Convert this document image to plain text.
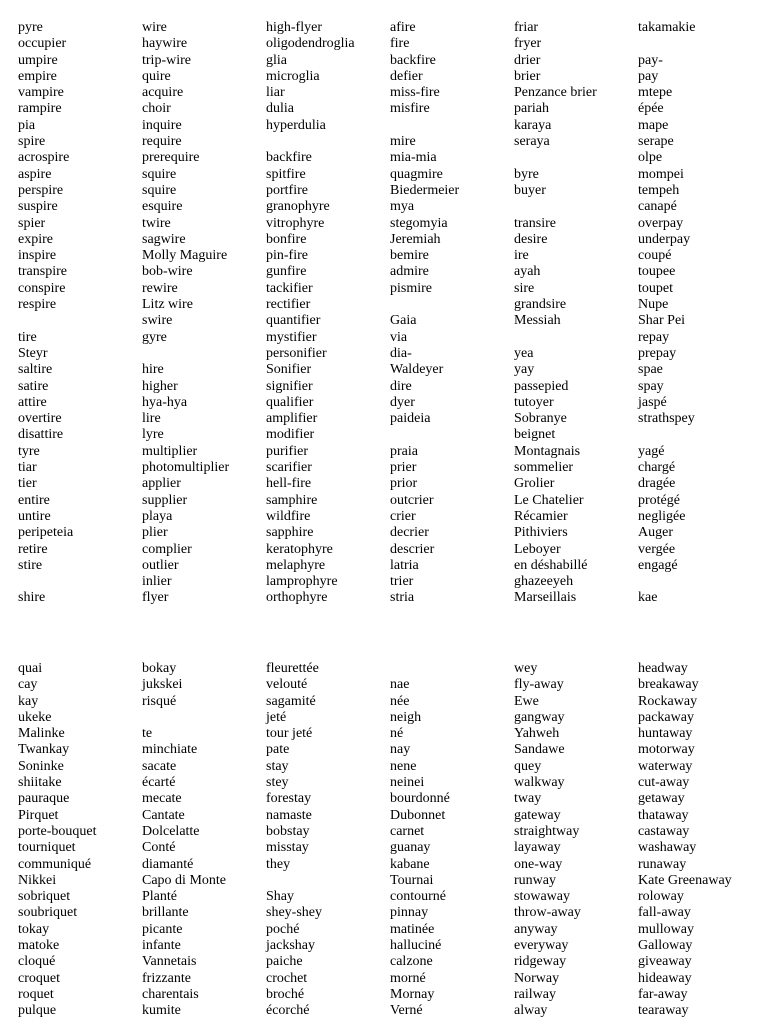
pyre
occupier
umpire
empire
vampire
rampire
pia
spire
acrospire
aspire
perspire
suspire
spier
expire
inspire
transpire
conspire
respire
tire
Steyr
saltire
satire
attire
overtire
disattire
tyre
tiar
tier
entire
untire
peripeteia
retire
stire
shire
wire
haywire
trip-wire
quire
acquire
choir
inquire
require
prerequire
squire
squire
esquire
twire
sagwire
Molly Maguire
bob-wire
rewire
Litz wire
swire
gyre
hire
higher
hya-hya
lire
lyre
multiplier
photomultiplier
applier
supplier
playa
plier
complier
outlier
inlier
flyer
high-flyer
oligodendroglia
glia
microglia
liar
dulia
hyperdulia
backfire
spitfire
portfire
granophyre
vitrophyre
bonfire
pin-fire
gunfire
tackifier
rectifier
quantifier
mystifier
personifier
Sonifier
signifier
qualifier
amplifier
modifier
purifier
scarifier
hell-fire
samphire
wildfire
sapphire
keratophyre
melaphyre
lamprophyre
orthophyre
afire
fire
backfire
defier
miss-fire
misfire
mire
mia-mia
quagmire
Biedermeier
mya
stegomyia
Jeremiah
bemire
admire
pismire
Gaia
via
dia-
Waldeyer
dire
dyer
paideia
praia
prier
prior
outcrier
crier
decrier
descrier
latria
trier
stria
friar
fryer
drier
brier
Penzance brier
pariah
karaya
seraya
byre
buyer
transire
desire
ire
ayah
sire
grandsire
Messiah
yea
yay
passepied
tutoyer
Sobranye
beignet
Montagnais
sommelier
Grolier
Le Chatelier
Récamier
Pithiviers
Leboyer
en déshabillé
ghazeeyeh
Marseillais
takamakie
pay-
pay
mtepe
épée
mape
serape
olpe
mompei
tempeh
canapé
overpay
underpay
coupé
toupee
toupet
Nupe
Shar Pei
repay
prepay
spae
spay
jaspé
strathspey
yagé
chargé
dragée
protégé
negligée
Auger
vergée
engagé
kae
quai
cay
kay
ukeke
Malinke
Twankay
Soninke
shiitake
pauraque
Pirquet
porte-bouquet
tourniquet
communiqué
Nikkei
sobriquet
soubriquet
tokay
matoke
cloqué
croquet
roquet
pulque
bokay
jukskei
risqué
te
minchiate
sacate
écarté
mecate
Cantate
Dolcelatte
Conté
diamanté
Capo di Monte
Planté
brillante
picante
infante
Vannetais
frizzante
charentais
kumite
fleurettée
velouté
sagamité
jeté
tour jeté
pate
stay
stey
forestay
namaste
bobstay
misstay
they
Shay
shey-shey
poché
jackshay
paiche
crochet
broché
écorché
nae
née
neigh
né
nay
nene
neinei
bourdonné
Dubonnet
carnet
guanay
kabane
Tournai
contourné
pinnay
matinée
halluciné
calzone
morné
Mornay
Verné
wey
fly-away
Ewe
gangway
Yahweh
Sandawe
quey
walkway
tway
gateway
straightway
layaway
one-way
runway
stowaway
throw-away
anyway
everyway
ridgeway
Norway
railway
alway
headway
breakaway
Rockaway
packaway
huntaway
motorway
waterway
cut-away
getaway
thataway
castaway
washaway
runaway
Kate Greenaway
roloway
fall-away
mulloway
Galloway
giveaway
hideaway
far-away
tearaway
